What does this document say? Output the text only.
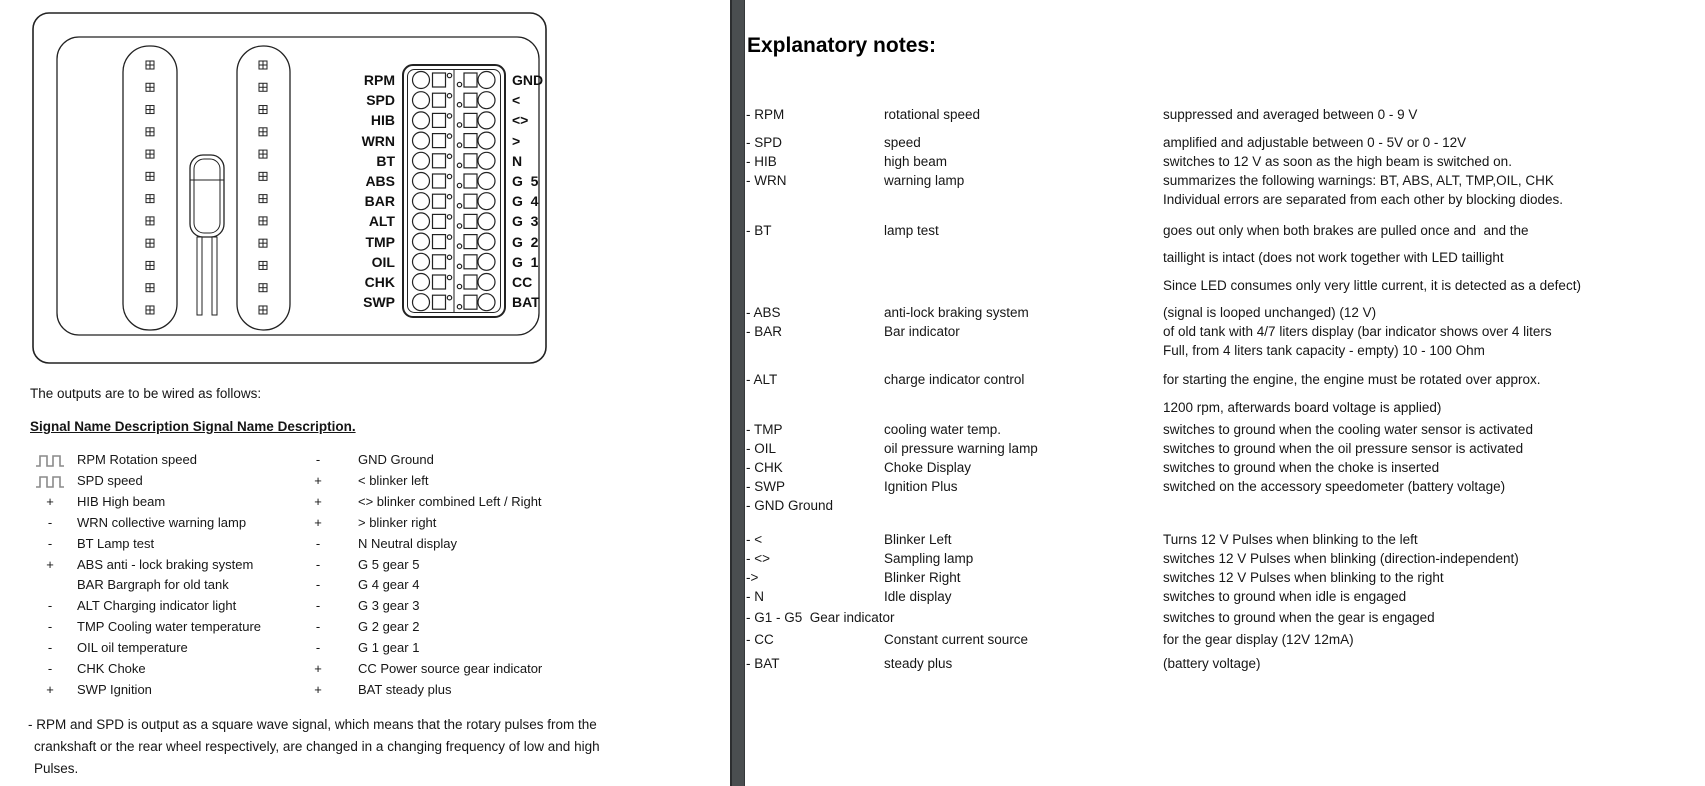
RPM
SPD
HIB
WRN
BT
ABS
BAR
ALT
TMP
OIL
CHK
SWP
GND
<
<>
>
N
G  5
G  4
G  3
G  2
G  1
CC
BAT

The outputs are to be wired as follows:

Signal Name Description Signal Name Description.

RPM Rotation speed	-	GND Ground
SPD speed	+	< blinker left
+	HIB High beam	+	<> blinker combined Left / Right
-	WRN collective warning lamp	+	> blinker right
-	BT Lamp test	-	N Neutral display
+	ABS anti - lock braking system	-	G 5 gear 5
BAR Bargraph for old tank	-	G 4 gear 4
-	ALT Charging indicator light	-	G 3 gear 3
-	TMP Cooling water temperature	-	G 2 gear 2
-	OIL oil temperature	-	G 1 gear 1
-	CHK Choke	+	CC Power source gear indicator
+	SWP Ignition	+	BAT steady plus
- RPM and SPD is output as a square wave signal, which means that the rotary pulses from the
crankshaft or the rear wheel respectively, are changed in a changing frequency of low and high
Pulses.
Explanatory notes:
- RPM	rotational speed	suppressed and averaged between 0 - 9 V
- SPD	speed	amplified and adjustable between 0 - 5V or 0 - 12V
- HIB	high beam	switches to 12 V as soon as the high beam is switched on.
- WRN	warning lamp	summarizes the following warnings: BT, ABS, ALT, TMP,OIL, CHK
Individual errors are separated from each other by blocking diodes.
- BT	lamp test	goes out only when both brakes are pulled once and  and the
taillight is intact (does not work together with LED taillight
Since LED consumes only very little current, it is detected as a defect)
- ABS	anti-lock braking system	(signal is looped unchanged) (12 V)
- BAR	Bar indicator	of old tank with 4/7 liters display (bar indicator shows over 4 liters
Full, from 4 liters tank capacity - empty) 10 - 100 Ohm
- ALT	charge indicator control	for starting the engine, the engine must be rotated over approx.
1200 rpm, afterwards board voltage is applied)
- TMP	cooling water temp.	switches to ground when the cooling water sensor is activated
- OIL	oil pressure warning lamp	switches to ground when the oil pressure sensor is activated
- CHK	Choke Display	switches to ground when the choke is inserted
- SWP	Ignition Plus	switched on the accessory speedometer (battery voltage)
- GND Ground
- <	Blinker Left	Turns 12 V Pulses when blinking to the left
- <>	Sampling lamp	switches 12 V Pulses when blinking (direction-independent)
->	Blinker Right	switches 12 V Pulses when blinking to the right
- N	Idle display	switches to ground when idle is engaged
- G1 - G5  Gear indicator	switches to ground when the gear is engaged
- CC	Constant current source	for the gear display (12V 12mA)
- BAT	steady plus	(battery voltage)
